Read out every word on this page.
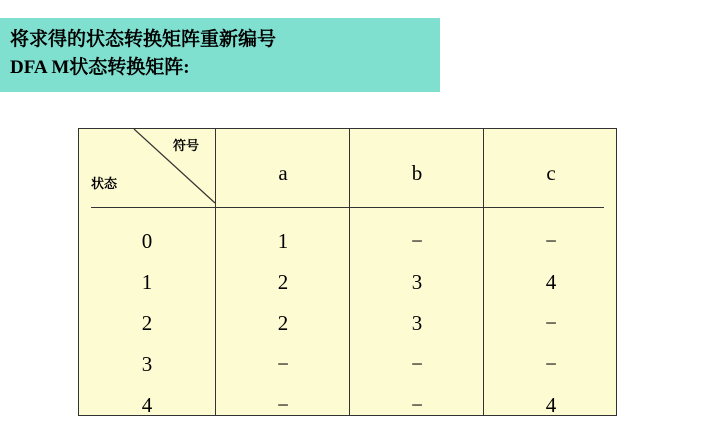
将求得的状态转换矩阵重新编号
DFA M状态转换矩阵:
符号
状态	a	b	c
0	1	−	−
1	2	3	4
2	2	3	−
3	−	−	−
4	−	−	4
